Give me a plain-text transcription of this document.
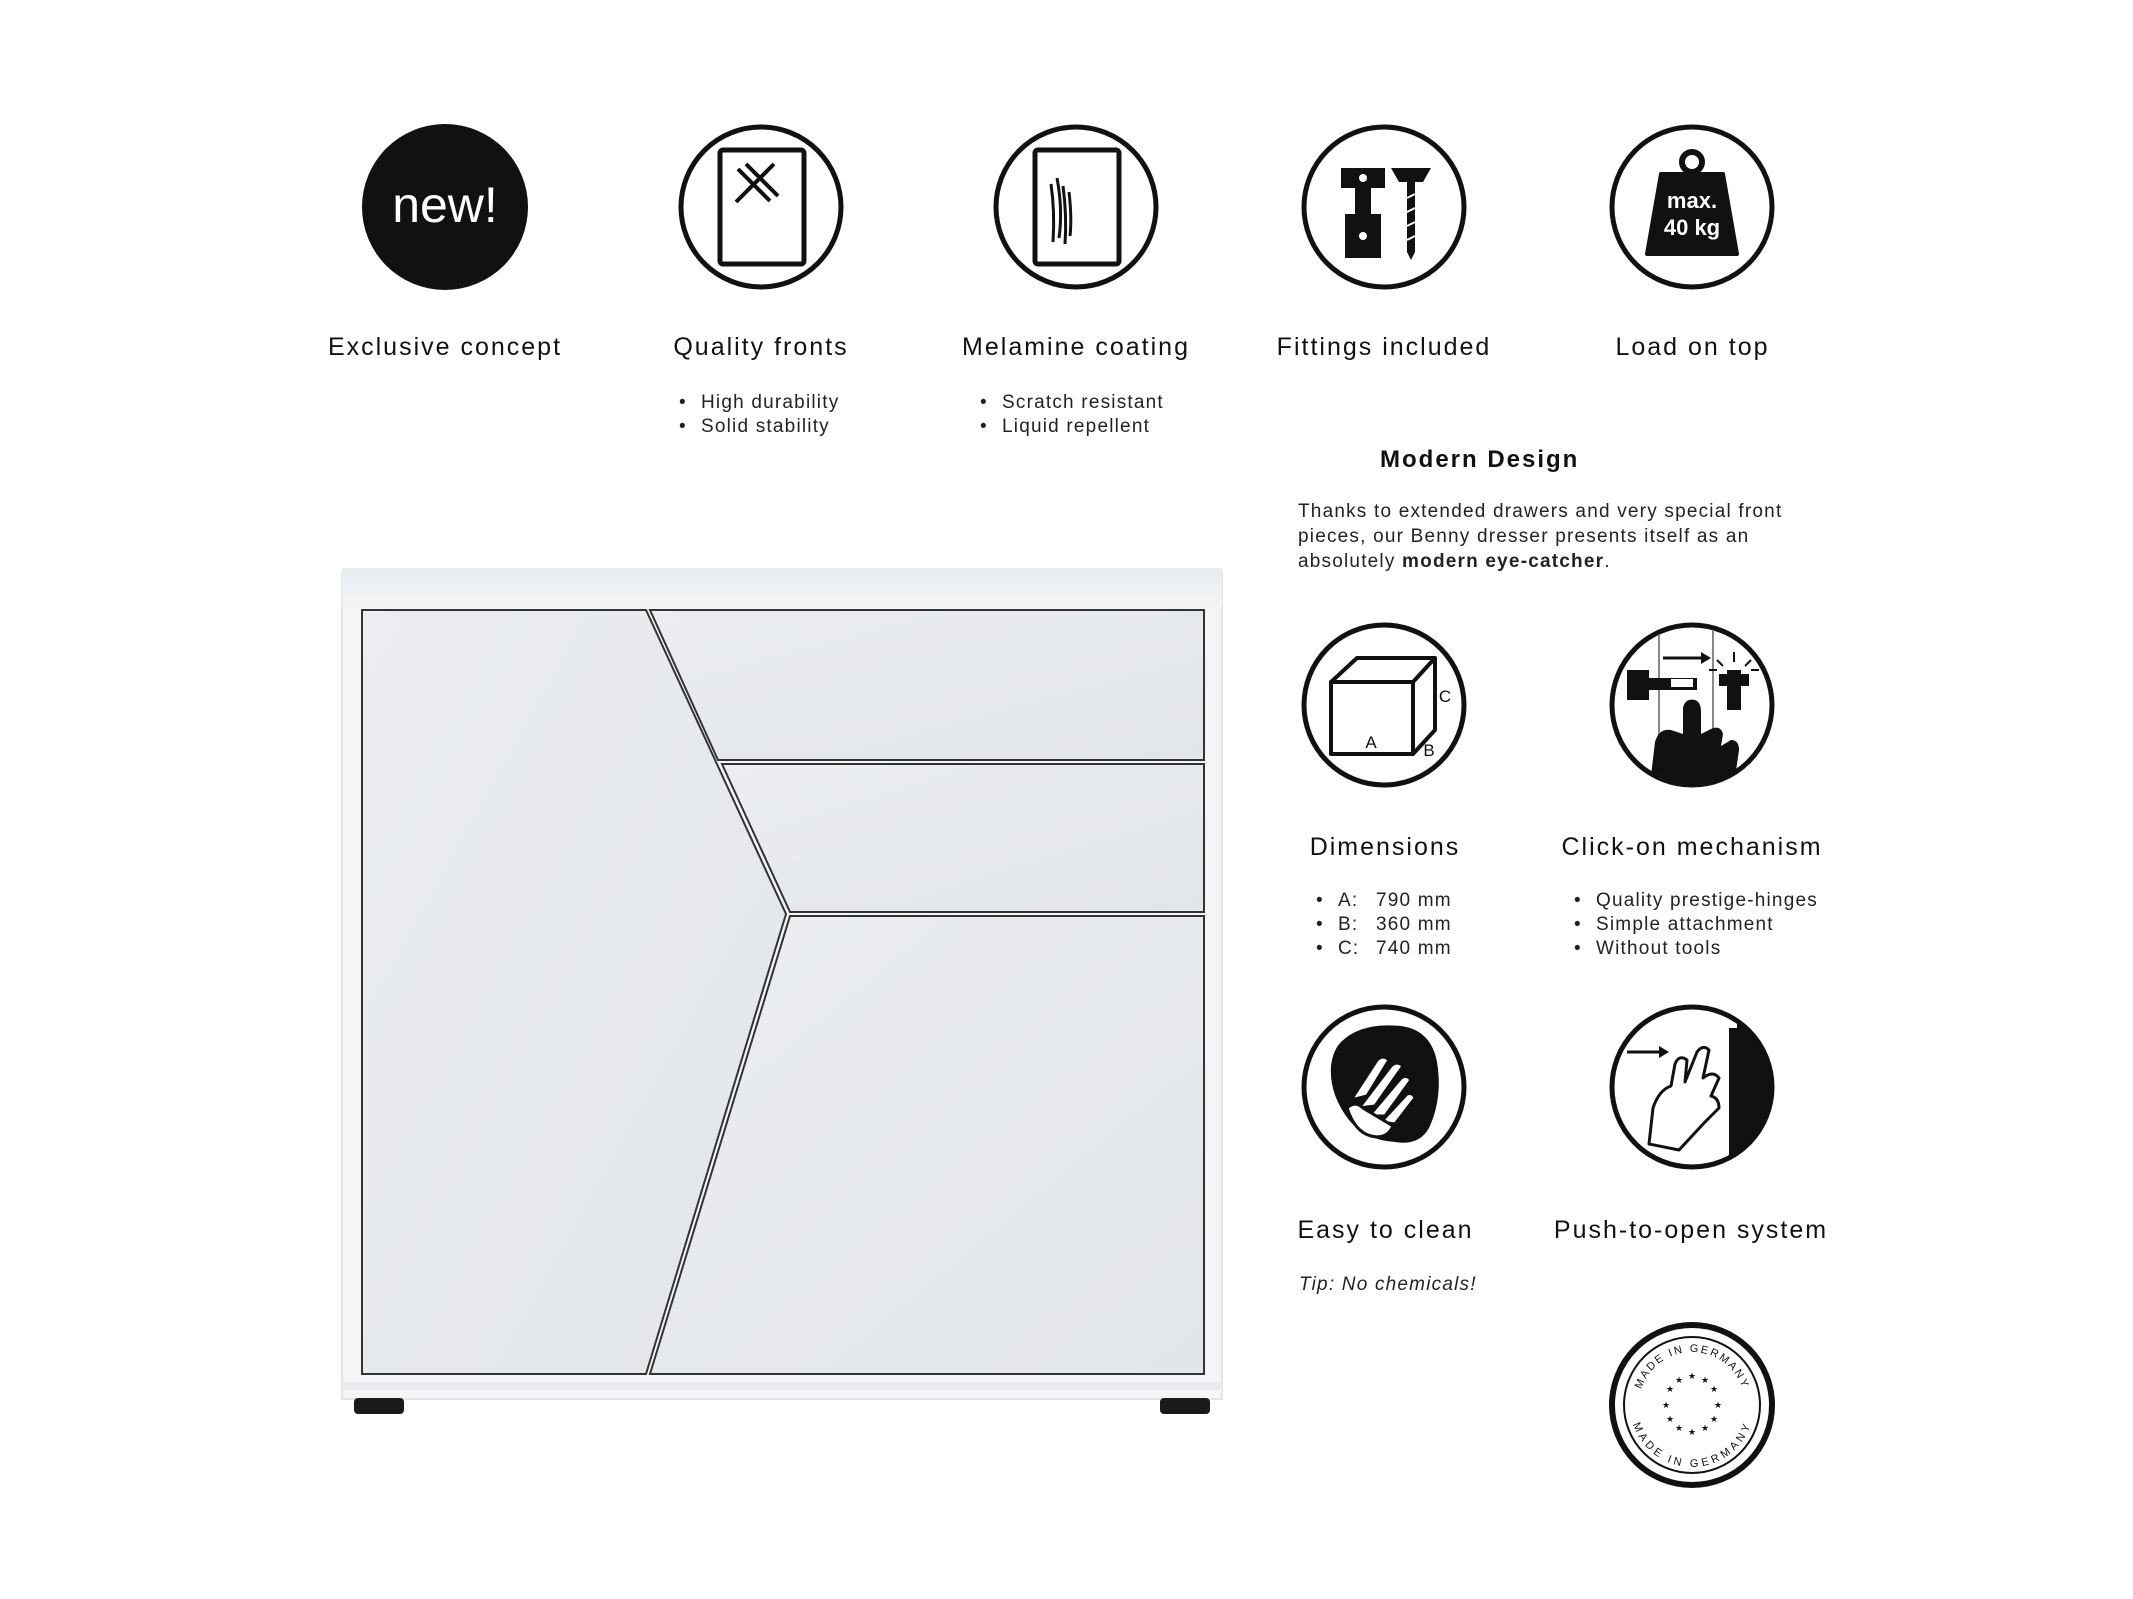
new!
Exclusive concept	Quality fronts
• High durability
• Solid stability
Melamine coating
• Scratch resistant
• Liquid repellent
Fittings included
max.
40 kg
Load on top
Modern Design
Thanks to extended drawers and very special front pieces, our Benny dresser presents itself as an absolutely modern eye-catcher.
A	B
C
Dimensions
• A: 790 mm
• B: 360 mm
• C: 740 mm
Click-on mechanism
• Quality prestige-hinges
• Simple attachment
• Without tools
Easy to clean
Tip: No chemicals!
Push-to-open system
MADE IN GERMANY
MADE IN GERMANY
★ ★
★
★
★
★
★
★
★
★
★
★
